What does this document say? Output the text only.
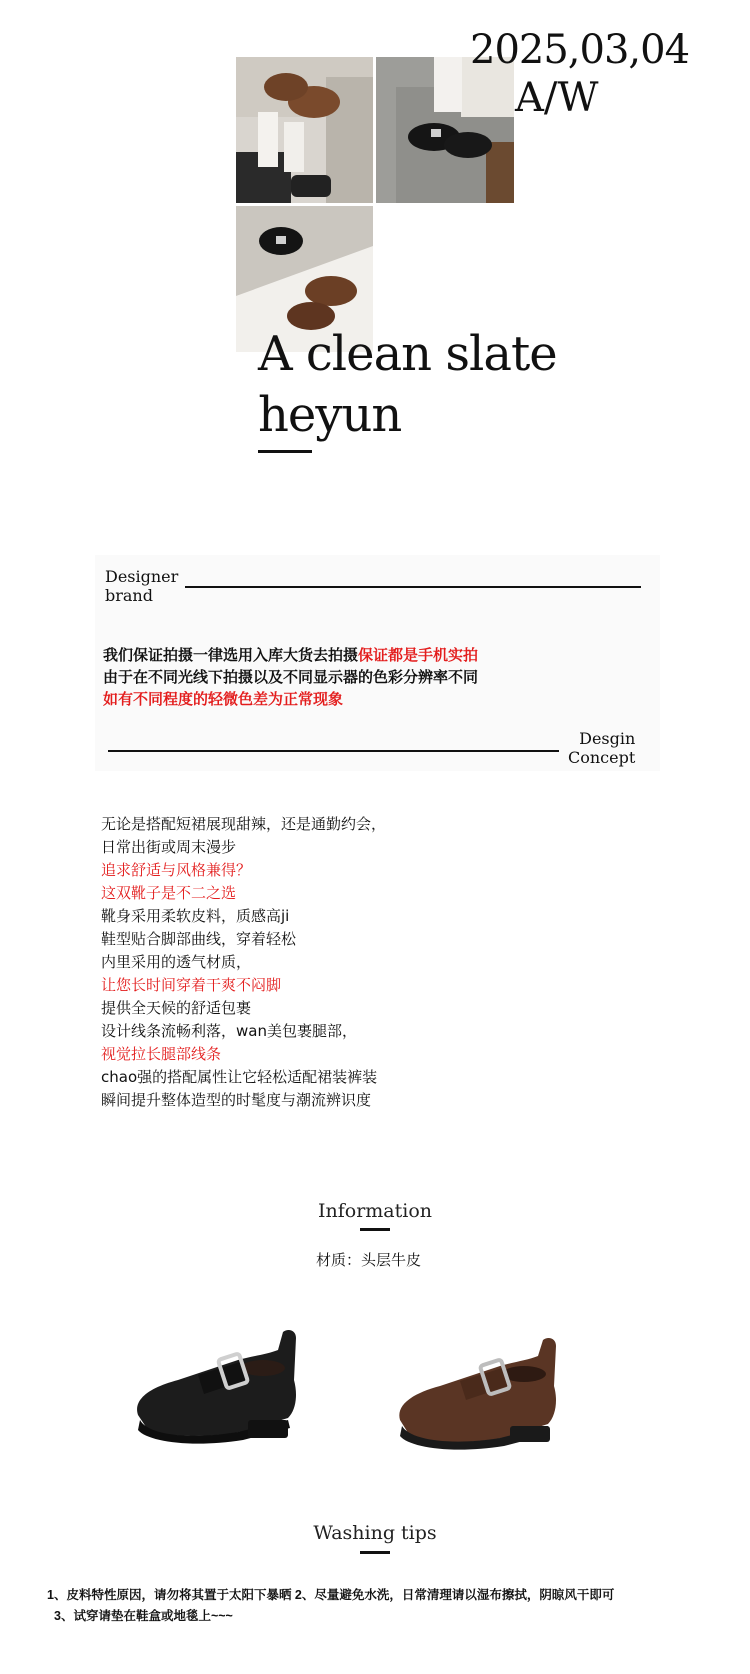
2025,03,04
A/W
A clean slate
heyun
Designer
brand
我们保证拍摄一律选用入库大货去拍摄保证都是手机实拍
由于在不同光线下拍摄以及不同显示器的色彩分辨率不同
如有不同程度的轻微色差为正常现象
Desgin
Concept
无论是搭配短裙展现甜辣，还是通勤约会，
日常出街或周末漫步
追求舒适与风格兼得？
这双靴子是不二之选
靴身采用柔软皮料，质感高ji
鞋型贴合脚部曲线，穿着轻松
内里采用的透气材质，
让您长时间穿着干爽不闷脚
提供全天候的舒适包裹
设计线条流畅利落，wan美包裹腿部，
视觉拉长腿部线条
chao强的搭配属性让它轻松适配裙装裤装
瞬间提升整体造型的时髦度与潮流辨识度
Information
材质：头层牛皮
Washing tips
1、皮料特性原因，请勿将其置于太阳下暴晒 2、尽量避免水洗，日常清理请以湿布擦拭，阴晾风干即可
3、试穿请垫在鞋盒或地毯上~~~
